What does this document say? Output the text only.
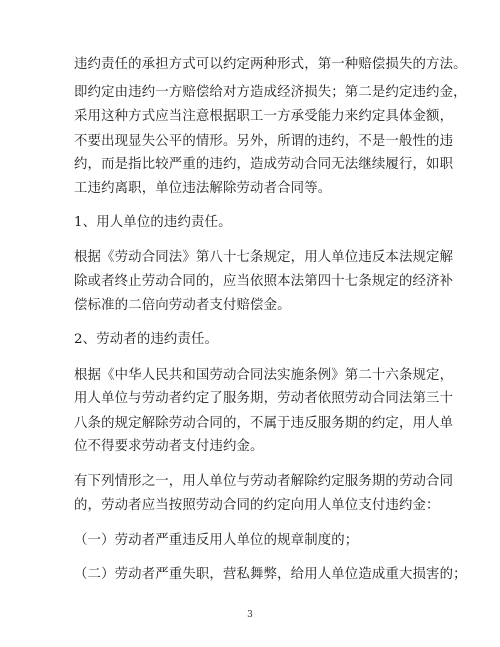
违约责任的承担方式可以约定两种形式，第一种赔偿损失的方法。
即约定由违约一方赔偿给对方造成经济损失；第二是约定违约金，
采用这种方式应当注意根据职工一方承受能力来约定具体金额，
不要出现显失公平的情形。另外，所谓的违约，不是一般性的违
约，而是指比较严重的违约，造成劳动合同无法继续履行，如职
工违约离职，单位违法解除劳动者合同等。
1、用人单位的违约责任。
根据《劳动合同法》第八十七条规定，用人单位违反本法规定解
除或者终止劳动合同的，应当依照本法第四十七条规定的经济补
偿标准的二倍向劳动者支付赔偿金。
2、劳动者的违约责任。
根据《中华人民共和国劳动合同法实施条例》第二十六条规定，
用人单位与劳动者约定了服务期，劳动者依照劳动合同法第三十
八条的规定解除劳动合同的，不属于违反服务期的约定，用人单
位不得要求劳动者支付违约金。
有下列情形之一，用人单位与劳动者解除约定服务期的劳动合同
的，劳动者应当按照劳动合同的约定向用人单位支付违约金：
（一）劳动者严重违反用人单位的规章制度的；
（二）劳动者严重失职，营私舞弊，给用人单位造成重大损害的；
3
